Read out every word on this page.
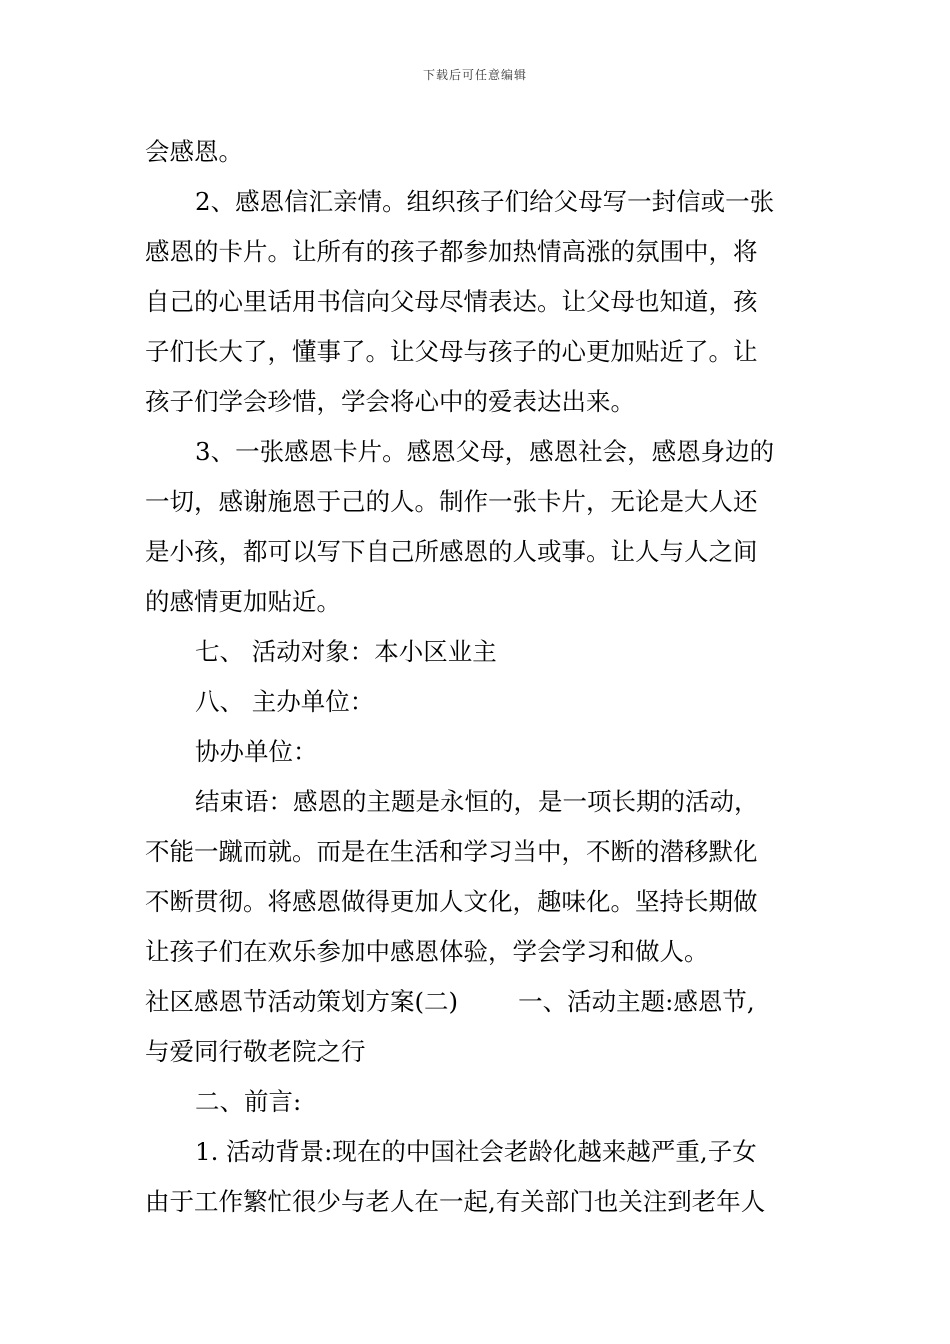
下载后可任意编辑
会感恩。
2、感恩信汇亲情。组织孩子们给父母写一封信或一张
感恩的卡片。让所有的孩子都参加热情高涨的氛围中，将
自己的心里话用书信向父母尽情表达。让父母也知道，孩
子们长大了，懂事了。让父母与孩子的心更加贴近了。让
孩子们学会珍惜，学会将心中的爱表达出来。
3、一张感恩卡片。感恩父母，感恩社会，感恩身边的
一切，感谢施恩于己的人。制作一张卡片，无论是大人还
是小孩，都可以写下自己所感恩的人或事。让人与人之间
的感情更加贴近。
七、 活动对象：本小区业主
八、 主办单位：
协办单位：
结束语：感恩的主题是永恒的，是一项长期的活动，
不能一蹴而就。而是在生活和学习当中，不断的潜移默化
不断贯彻。将感恩做得更加人文化，趣味化。坚持长期做
让孩子们在欢乐参加中感恩体验，学会学习和做人。
社区感恩节活动策划方案(二) 一、活动主题:感恩节,
与爱同行敬老院之行
二、前言:
1. 活动背景:现在的中国社会老龄化越来越严重,子女
由于工作繁忙很少与老人在一起,有关部门也关注到老年人
